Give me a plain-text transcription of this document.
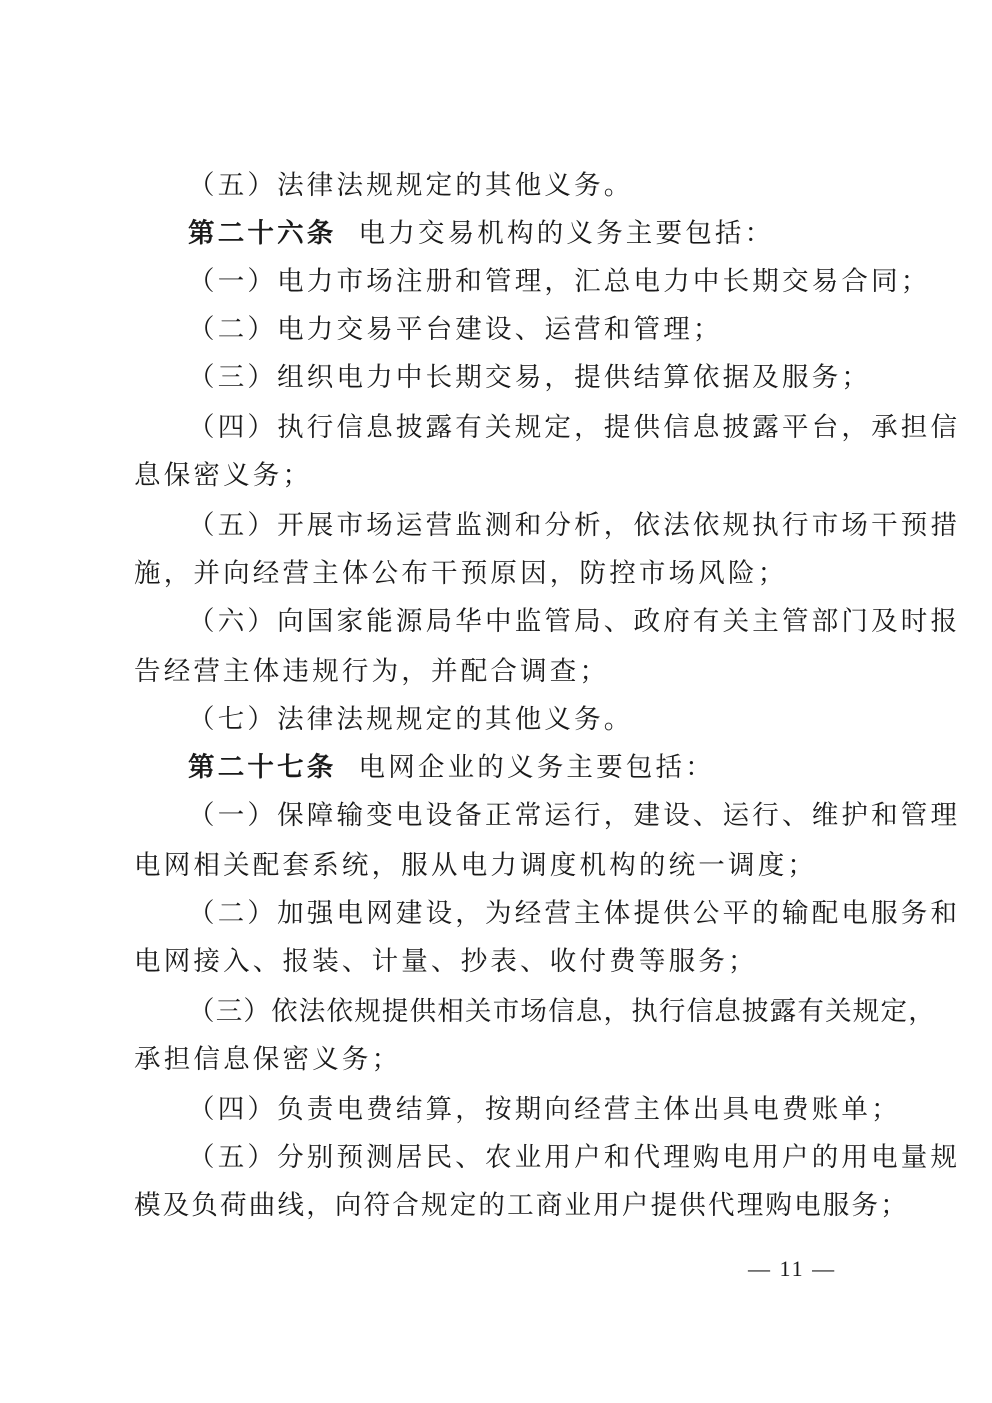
（五）法律法规规定的其他义务。
第二十六条 电力交易机构的义务主要包括：
（一）电力市场注册和管理，汇总电力中长期交易合同；
（二）电力交易平台建设、运营和管理；
（三）组织电力中长期交易，提供结算依据及服务；
（四）执行信息披露有关规定，提供信息披露平台，承担信
息保密义务；
（五）开展市场运营监测和分析，依法依规执行市场干预措
施，并向经营主体公布干预原因，防控市场风险；
（六）向国家能源局华中监管局、政府有关主管部门及时报
告经营主体违规行为，并配合调查；
（七）法律法规规定的其他义务。
第二十七条 电网企业的义务主要包括：
（一）保障输变电设备正常运行，建设、运行、维护和管理
电网相关配套系统，服从电力调度机构的统一调度；
（二）加强电网建设，为经营主体提供公平的输配电服务和
电网接入、报装、计量、抄表、收付费等服务；
（三）依法依规提供相关市场信息，执行信息披露有关规定，
承担信息保密义务；
（四）负责电费结算，按期向经营主体出具电费账单；
（五）分别预测居民、农业用户和代理购电用户的用电量规
模及负荷曲线，向符合规定的工商业用户提供代理购电服务；
— 11 —
